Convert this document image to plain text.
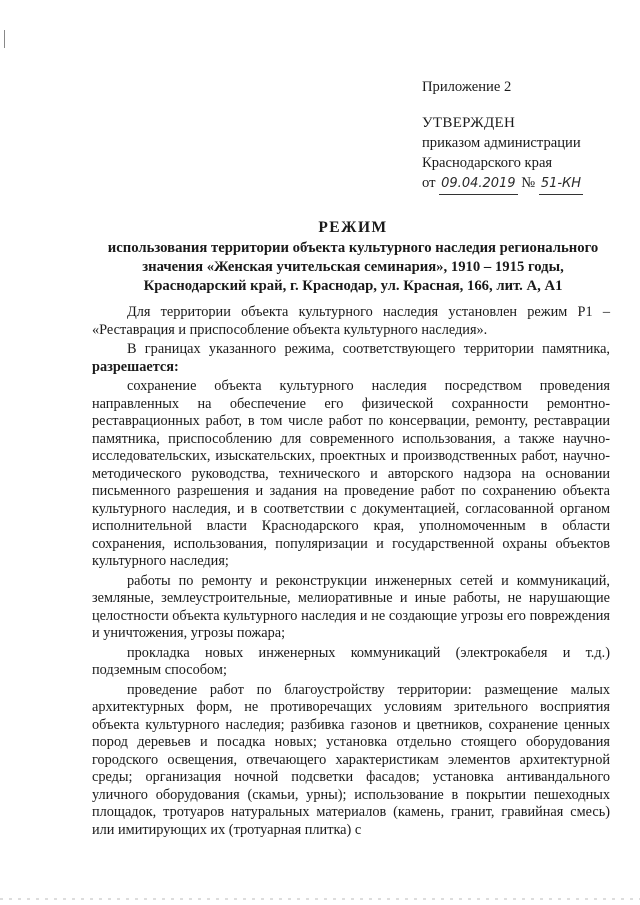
Приложение 2
УТВЕРЖДЕН
приказом администрации
Краснодарского края
от 09.04.2019 № 51-КН
РЕЖИМ
использования территории объекта культурного наследия регионального
значения «Женская учительская семинария», 1910 – 1915 годы,
Краснодарский край, г. Краснодар, ул. Красная, 166, лит. А, А1

Для территории объекта культурного наследия установлен режим Р1 – «Реставрация и приспособление объекта культурного наследия».

В границах указанного режима, соответствующего территории памятника, разрешается:

сохранение объекта культурного наследия посредством проведения направленных на обеспечение его физической сохранности ремонтно-реставрационных работ, в том числе работ по консервации, ремонту, реставрации памятника, приспособлению для современного использования, а также научно-исследовательских, изыскательских, проектных и производственных работ, научно-методического руководства, технического и авторского надзора на основании письменного разрешения и задания на проведение работ по сохранению объекта культурного наследия, и в соответствии с документацией, согласованной органом исполнительной власти Краснодарского края, уполномоченным в области сохранения, использования, популяризации и государственной охраны объектов культурного наследия;

работы по ремонту и реконструкции инженерных сетей и коммуникаций, земляные, землеустроительные, мелиоративные и иные работы, не нарушающие целостности объекта культурного наследия и не создающие угрозы его повреждения и уничтожения, угрозы пожара;

прокладка новых инженерных коммуникаций (электрокабеля и т.д.) подземным способом;

проведение работ по благоустройству территории: размещение малых архитектурных форм, не противоречащих условиям зрительного восприятия объекта культурного наследия; разбивка газонов и цветников, сохранение ценных пород деревьев и посадка новых; установка отдельно стоящего оборудования городского освещения, отвечающего характеристикам элементов архитектурной среды; организация ночной подсветки фасадов; установка антивандального уличного оборудования (скамьи, урны); использование в покрытии пешеходных площадок, тротуаров натуральных материалов (камень, гранит, гравийная смесь) или имитирующих их (тротуарная плитка) с
